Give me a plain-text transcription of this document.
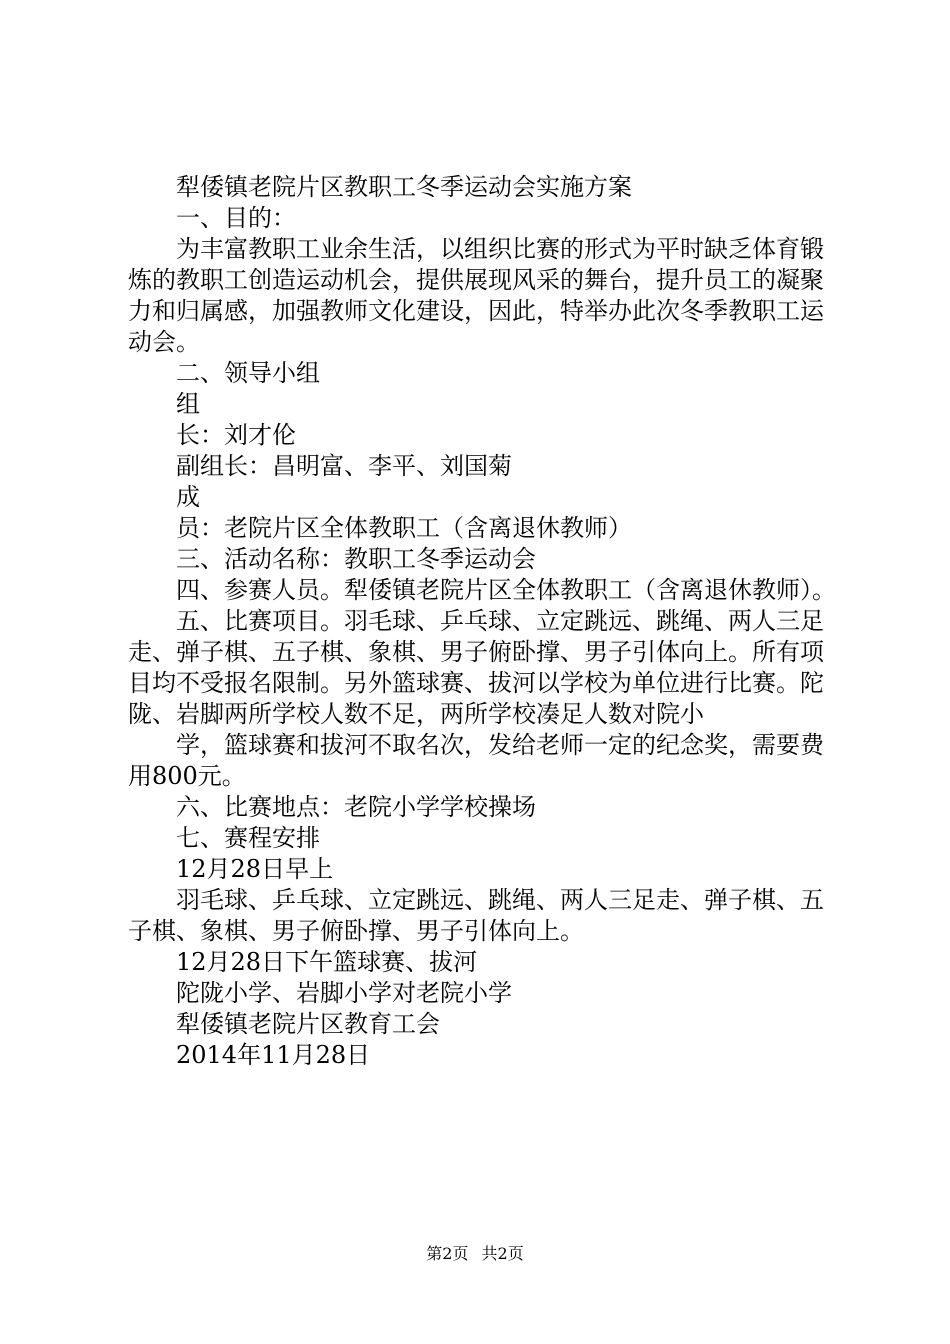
犁倭镇老院片区教职工冬季运动会实施方案

一、目的：

为丰富教职工业余生活，以组织比赛的形式为平时缺乏体育锻炼的教职工创造运动机会，提供展现风采的舞台，提升员工的凝聚力和归属感，加强教师文化建设，因此，特举办此次冬季教职工运动会。

二、领导小组

组

长：刘才伦

副组长：昌明富、李平、刘国菊

成

员：老院片区全体教职工（含离退休教师）

三、活动名称：教职工冬季运动会

四、参赛人员。犁倭镇老院片区全体教职工（含离退休教师）。

五、比赛项目。羽毛球、乒乓球、立定跳远、跳绳、两人三足走、弹子棋、五子棋、象棋、男子俯卧撑、男子引体向上。所有项目均不受报名限制。另外篮球赛、拔河以学校为单位进行比赛。陀陇、岩脚两所学校人数不足，两所学校凑足人数对院小

学，篮球赛和拔河不取名次，发给老师一定的纪念奖，需要费用800元。

六、比赛地点：老院小学学校操场

七、赛程安排

12月28日早上

羽毛球、乒乓球、立定跳远、跳绳、两人三足走、弹子棋、五子棋、象棋、男子俯卧撑、男子引体向上。

12月28日下午篮球赛、拔河

陀陇小学、岩脚小学对老院小学

犁倭镇老院片区教育工会

2014年11月28日

第2页 共2页
